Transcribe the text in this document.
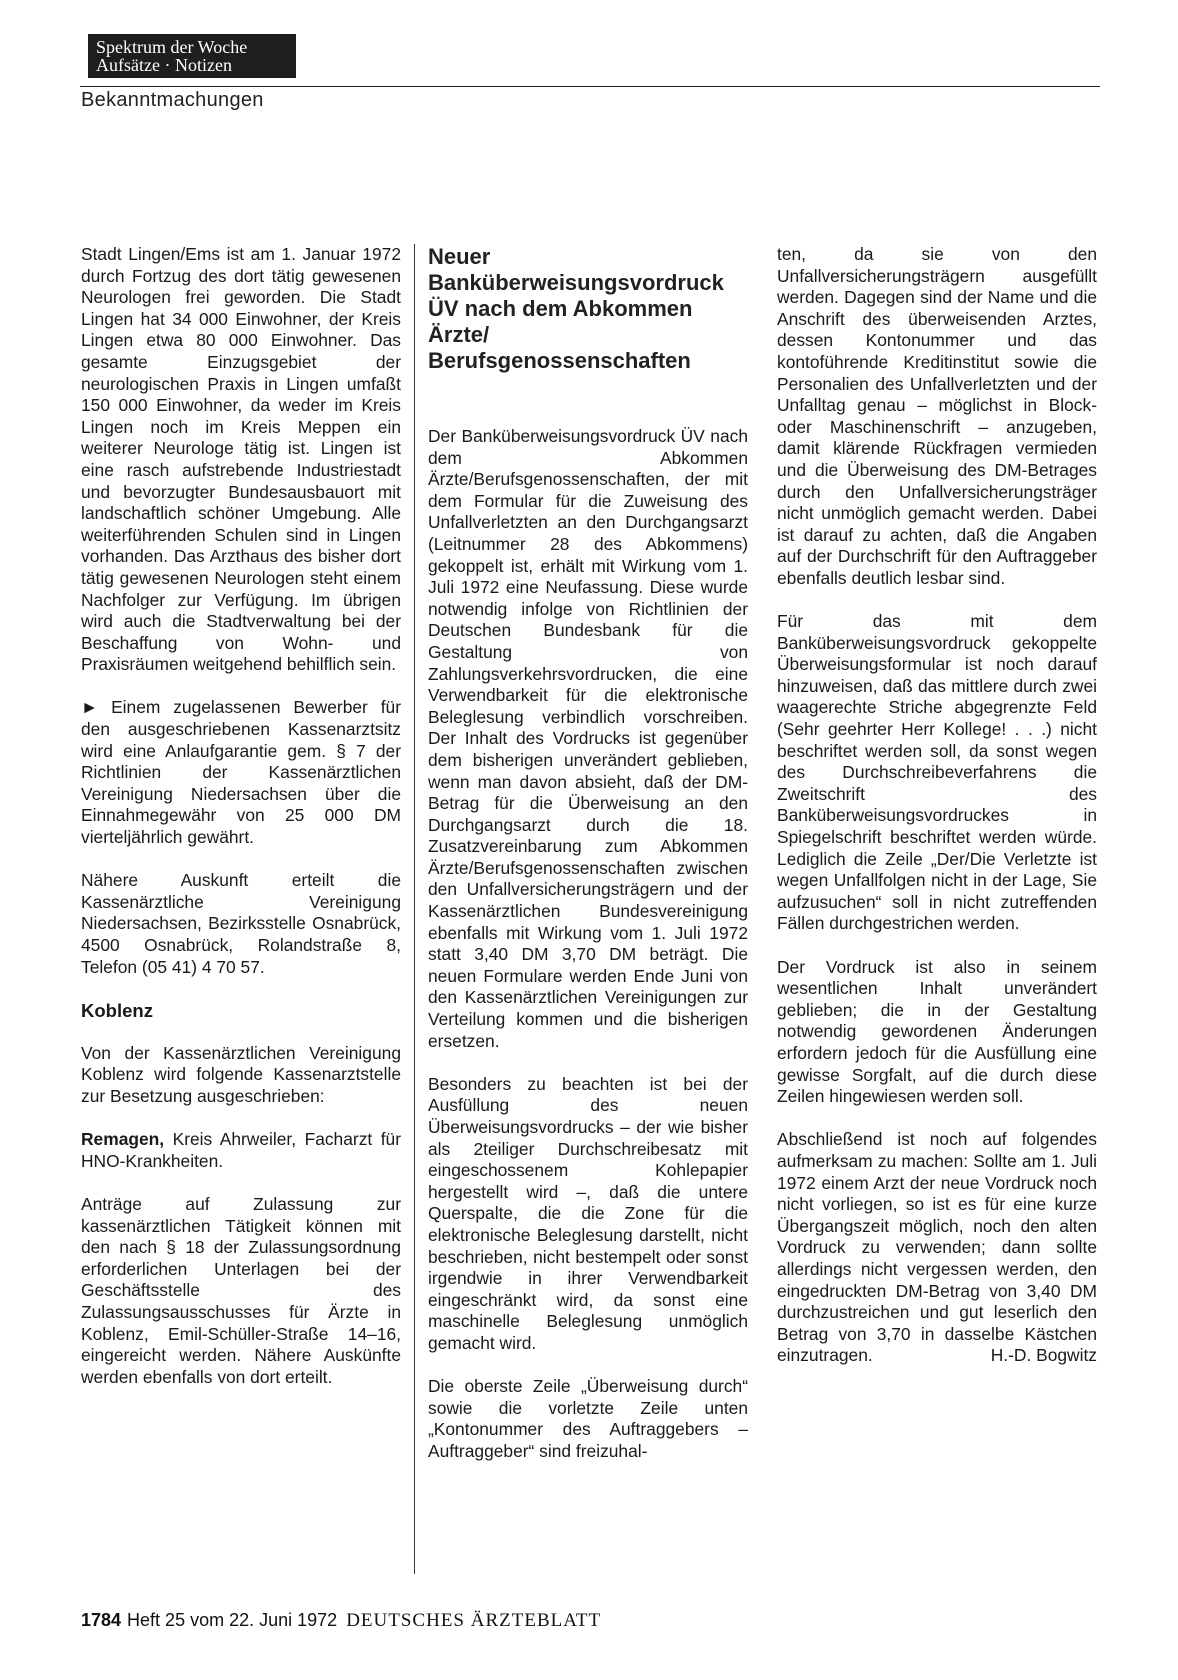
Spektrum der Woche
Aufsätze · Notizen
Bekanntmachungen

Stadt Lingen/Ems ist am 1. Januar 1972 durch Fortzug des dort tätig gewesenen Neurologen frei geworden. Die Stadt Lingen hat 34 000 Einwohner, der Kreis Lingen etwa 80 000 Einwohner. Das gesamte Einzugsgebiet der neurologischen Praxis in Lingen umfaßt 150 000 Einwohner, da weder im Kreis Lingen noch im Kreis Meppen ein weiterer Neurologe tätig ist. Lingen ist eine rasch aufstrebende Industriestadt und bevorzugter Bundesausbauort mit landschaftlich schöner Umgebung. Alle weiterführenden Schulen sind in Lingen vorhanden. Das Arzthaus des bisher dort tätig gewesenen Neurologen steht einem Nachfolger zur Verfügung. Im übrigen wird auch die Stadtverwaltung bei der Beschaffung von Wohn- und Praxisräumen weitgehend behilflich sein.

► Einem zugelassenen Bewerber für den ausgeschriebenen Kassenarztsitz wird eine Anlaufgarantie gem. § 7 der Richtlinien der Kassenärztlichen Vereinigung Niedersachsen über die Einnahmegewähr von 25 000 DM vierteljährlich gewährt.

Nähere Auskunft erteilt die Kassenärztliche Vereinigung Niedersachsen, Bezirksstelle Osnabrück, 4500 Osnabrück, Rolandstraße 8, Telefon (05 41) 4 70 57.

Koblenz

Von der Kassenärztlichen Vereinigung Koblenz wird folgende Kassenarztstelle zur Besetzung ausgeschrieben:

Remagen, Kreis Ahrweiler, Facharzt für HNO-Krankheiten.

Anträge auf Zulassung zur kassenärztlichen Tätigkeit können mit den nach § 18 der Zulassungsordnung erforderlichen Unterlagen bei der Geschäftsstelle des Zulassungsausschusses für Ärzte in Koblenz, Emil-Schüller-Straße 14–16, eingereicht werden. Nähere Auskünfte werden ebenfalls von dort erteilt.

Neuer
Banküberweisungsvordruck
ÜV nach dem Abkommen
Ärzte/
Berufsgenossenschaften

Der Banküberweisungsvordruck ÜV nach dem Abkommen Ärzte/Berufsgenossenschaften, der mit dem Formular für die Zuweisung des Unfallverletzten an den Durchgangsarzt (Leitnummer 28 des Abkommens) gekoppelt ist, erhält mit Wirkung vom 1. Juli 1972 eine Neufassung. Diese wurde notwendig infolge von Richtlinien der Deutschen Bundesbank für die Gestaltung von Zahlungsverkehrsvordrucken, die eine Verwendbarkeit für die elektronische Beleglesung verbindlich vorschreiben. Der Inhalt des Vordrucks ist gegenüber dem bisherigen unverändert geblieben, wenn man davon absieht, daß der DM-Betrag für die Überweisung an den Durchgangsarzt durch die 18. Zusatzvereinbarung zum Abkommen Ärzte/Berufsgenossenschaften zwischen den Unfallversicherungsträgern und der Kassenärztlichen Bundesvereinigung ebenfalls mit Wirkung vom 1. Juli 1972 statt 3,40 DM 3,70 DM beträgt. Die neuen Formulare werden Ende Juni von den Kassenärztlichen Vereinigungen zur Verteilung kommen und die bisherigen ersetzen.

Besonders zu beachten ist bei der Ausfüllung des neuen Überweisungsvordrucks – der wie bisher als 2teiliger Durchschreibesatz mit eingeschossenem Kohlepapier hergestellt wird –, daß die untere Querspalte, die die Zone für die elektronische Beleglesung darstellt, nicht beschrieben, nicht bestempelt oder sonst irgendwie in ihrer Verwendbarkeit eingeschränkt wird, da sonst eine maschinelle Beleglesung unmöglich gemacht wird.

Die oberste Zeile „Überweisung durch“ sowie die vorletzte Zeile unten „Kontonummer des Auftraggebers – Auftraggeber“ sind freizuhal-

ten, da sie von den Unfallversicherungsträgern ausgefüllt werden. Dagegen sind der Name und die Anschrift des überweisenden Arztes, dessen Kontonummer und das kontoführende Kreditinstitut sowie die Personalien des Unfallverletzten und der Unfalltag genau – möglichst in Block- oder Maschinenschrift – anzugeben, damit klärende Rückfragen vermieden und die Überweisung des DM-Betrages durch den Unfallversicherungsträger nicht unmöglich gemacht werden. Dabei ist darauf zu achten, daß die Angaben auf der Durchschrift für den Auftraggeber ebenfalls deutlich lesbar sind.

Für das mit dem Banküberweisungsvordruck gekoppelte Überweisungsformular ist noch darauf hinzuweisen, daß das mittlere durch zwei waagerechte Striche abgegrenzte Feld (Sehr geehrter Herr Kollege! . . .) nicht beschriftet werden soll, da sonst wegen des Durchschreibeverfahrens die Zweitschrift des Banküberweisungsvordruckes in Spiegelschrift beschriftet werden würde. Lediglich die Zeile „Der/Die Verletzte ist wegen Unfallfolgen nicht in der Lage, Sie aufzusuchen“ soll in nicht zutreffenden Fällen durchgestrichen werden.

Der Vordruck ist also in seinem wesentlichen Inhalt unverändert geblieben; die in der Gestaltung notwendig gewordenen Änderungen erfordern jedoch für die Ausfüllung eine gewisse Sorgfalt, auf die durch diese Zeilen hingewiesen werden soll.

Abschließend ist noch auf folgendes aufmerksam zu machen: Sollte am 1. Juli 1972 einem Arzt der neue Vordruck noch nicht vorliegen, so ist es für eine kurze Übergangszeit möglich, noch den alten Vordruck zu verwenden; dann sollte allerdings nicht vergessen werden, den eingedruckten DM-Betrag von 3,40 DM durchzustreichen und gut leserlich den Betrag von 3,70 in dasselbe Kästchen einzutragen.	H.-D. Bogwitz

1784 Heft 25 vom 22. Juni 1972 DEUTSCHES ÄRZTEBLATT
